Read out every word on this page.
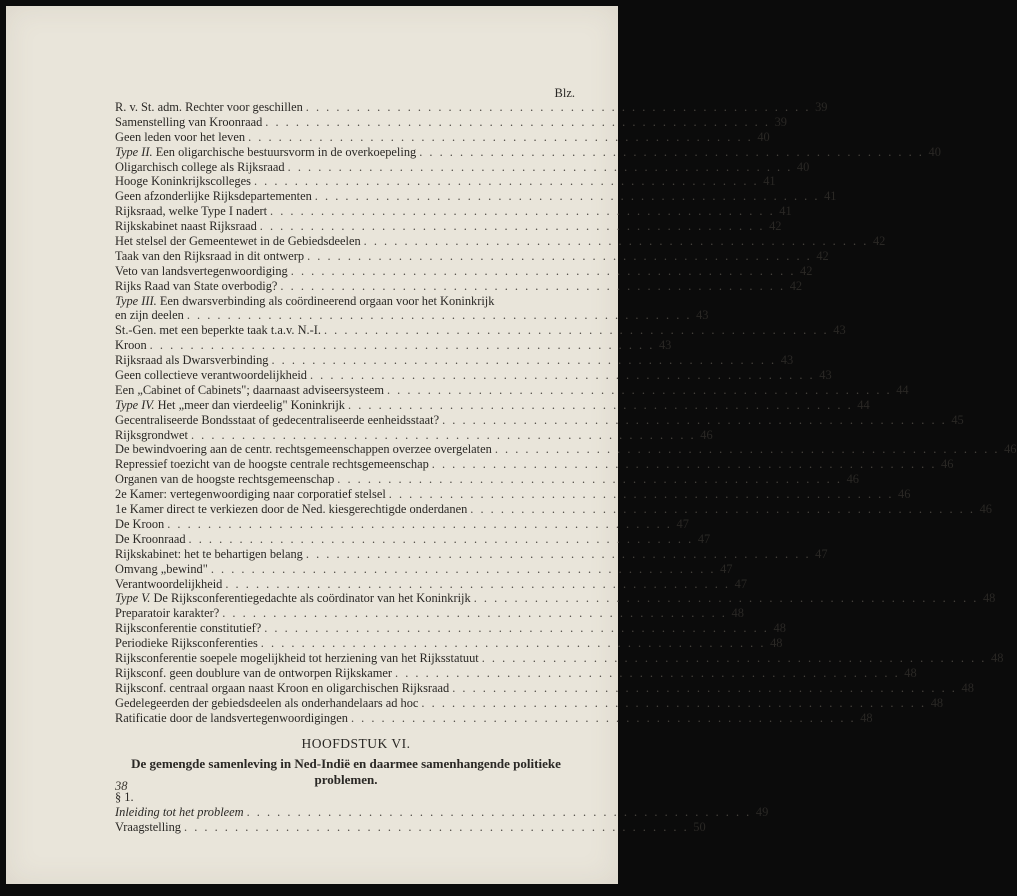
Blz.
R. v. St. adm. Rechter voor geschillen . . .	39
Samenstelling van Kroonraad . . .	39
Geen leden voor het leven . . .	40
Type II. Een oligarchische bestuursvorm in de overkoepeling . . .	40
Oligarchisch college als Rijksraad . . .	40
Hooge Koninkrijkscolleges . . .	41
Geen afzonderlijke Rijksdepartementen . . .	41
Rijksraad, welke Type I nadert . . .	41
Rijkskabinet naast Rijksraad . . .	42
Het stelsel der Gemeentewet in de Gebiedsdeelen . . .	42
Taak van den Rijksraad in dit ontwerp . . .	42
Veto van landsvertegenwoordiging . . .	42
Rijks Raad van State overbodig? . . .	42
Type III. Een dwarsverbinding als coördineerend orgaan voor het Koninkrijk
en zijn deelen . . .	43
St.-Gen. met een beperkte taak t.a.v. N.-I. . . .	43
Kroon . . .	43
Rijksraad als Dwarsverbinding . . .	43
Geen collectieve verantwoordelijkheid . . .	43
Een „Cabinet of Cabinets"; daarnaast adviseersysteem . . .	44
Type IV. Het „meer dan vierdeelig" Koninkrijk . . .	44
Gecentraliseerde Bondsstaat of gedecentraliseerde eenheidsstaat? . . .	45
Rijksgrondwet . . .	46
De bewindvoering aan de centr. rechtsgemeenschappen overzee overgelaten . . .	46
Repressief toezicht van de hoogste centrale rechtsgemeenschap . . .	46
Organen van de hoogste rechtsgemeenschap . . .	46
2e Kamer: vertegenwoordiging naar corporatief stelsel . . .	46
1e Kamer direct te verkiezen door de Ned. kiesgerechtigde onderdanen . . .	46
De Kroon . . .	47
De Kroonraad . . .	47
Rijkskabinet: het te behartigen belang . . .	47
Omvang „bewind" . . .	47
Verantwoordelijkheid . . .	47
Type V. De Rijksconferentiegedachte als coördinator van het Koninkrijk . . .	48
Preparatoir karakter? . . .	48
Rijksconferentie constitutief? . . .	48
Periodieke Rijksconferenties . . .	48
Rijksconferentie soepele mogelijkheid tot herziening van het Rijksstatuut . . .	48
Rijksconf. geen doublure van de ontworpen Rijkskamer . . .	48
Rijksconf. centraal orgaan naast Kroon en oligarchischen Rijksraad . . .	48
Gedelegeerden der gebiedsdeelen als onderhandelaars ad hoc . . .	48
Ratificatie door de landsvertegenwoordigingen . . .	48
HOOFDSTUK VI.
De gemengde samenleving in Ned-Indië en daarmee samenhangende politieke problemen.
§ 1.
Inleiding tot het probleem . . .	49
Vraagstelling . . .	50
38
